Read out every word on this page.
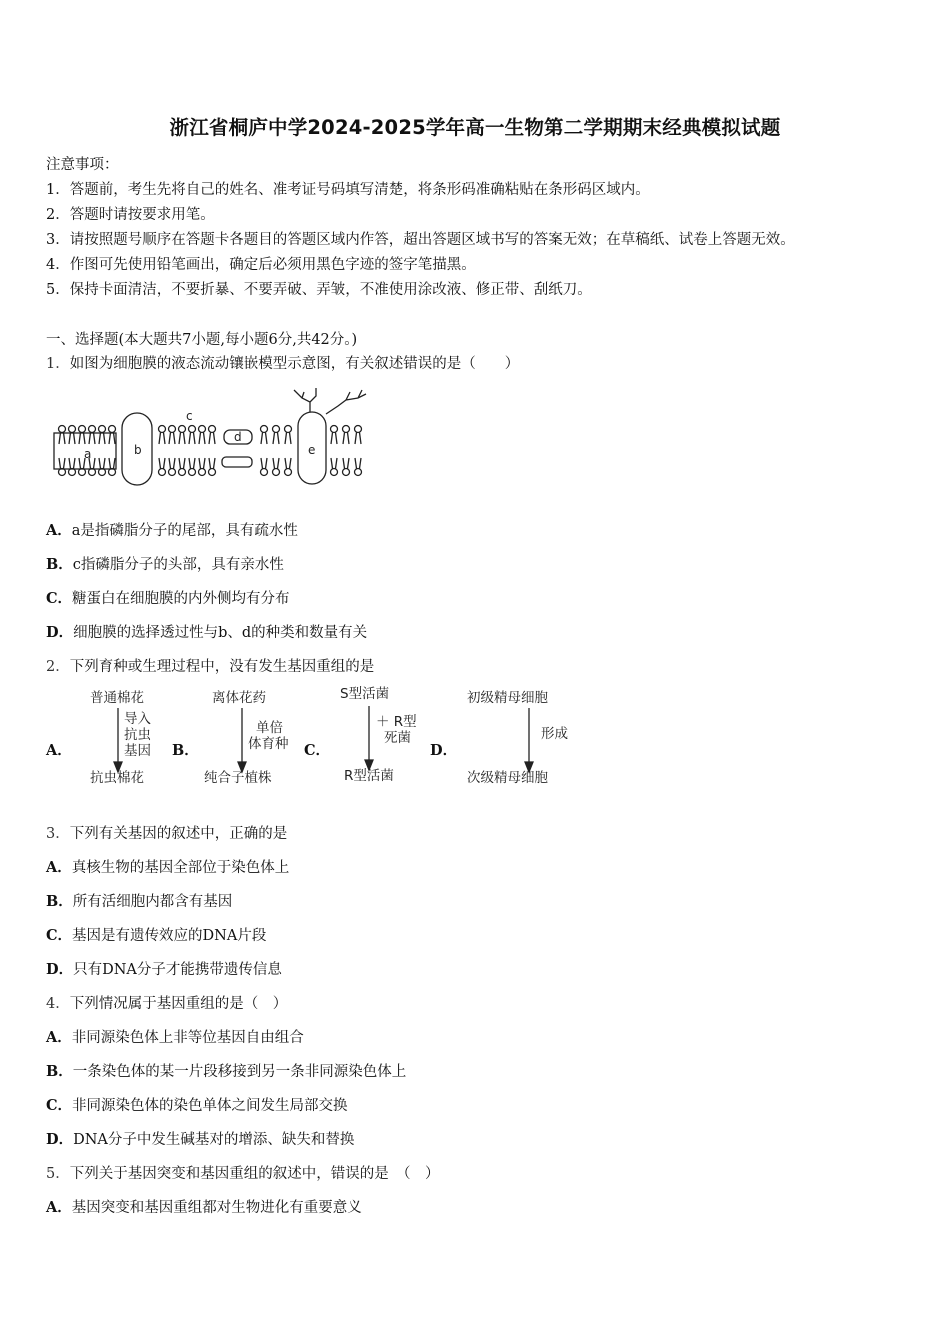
浙江省桐庐中学2024-2025学年高一生物第二学期期末经典模拟试题
注意事项：
1．答题前，考生先将自己的姓名、准考证号码填写清楚，将条形码准确粘贴在条形码区域内。
2．答题时请按要求用笔。
3．请按照题号顺序在答题卡各题目的答题区域内作答，超出答题区域书写的答案无效；在草稿纸、试卷上答题无效。
4．作图可先使用铅笔画出，确定后必须用黑色字迹的签字笔描黑。
5．保持卡面清洁，不要折暴、不要弄破、弄皱，不准使用涂改液、修正带、刮纸刀。
一、选择题(本大题共7小题,每小题6分,共42分。)
1．如图为细胞膜的液态流动镶嵌模型示意图，有关叙述错误的是（　　）
a	b
c
d
e
A．a是指磷脂分子的尾部，具有疏水性
B．c指磷脂分子的头部，具有亲水性
C．糖蛋白在细胞膜的内外侧均有分布
D．细胞膜的选择透过性与b、d的种类和数量有关
2．下列育种或生理过程中，没有发生基因重组的是
A．	B．	C．	D．
普通棉花
导入
抗虫
基因
抗虫棉花
离体花药
单倍
体育种
纯合子植株
S型活菌
＋ R型
死菌
R型活菌
初级精母细胞
形成
次级精母细胞
3．下列有关基因的叙述中，正确的是
A．真核生物的基因全部位于染色体上
B．所有活细胞内都含有基因
C．基因是有遗传效应的DNA片段
D．只有DNA分子才能携带遗传信息
4．下列情况属于基因重组的是（　）
A．非同源染色体上非等位基因自由组合
B．一条染色体的某一片段移接到另一条非同源染色体上
C．非同源染色体的染色单体之间发生局部交换
D．DNA分子中发生碱基对的增添、缺失和替换
5．下列关于基因突变和基因重组的叙述中，错误的是　（　）
A．基因突变和基因重组都对生物进化有重要意义
